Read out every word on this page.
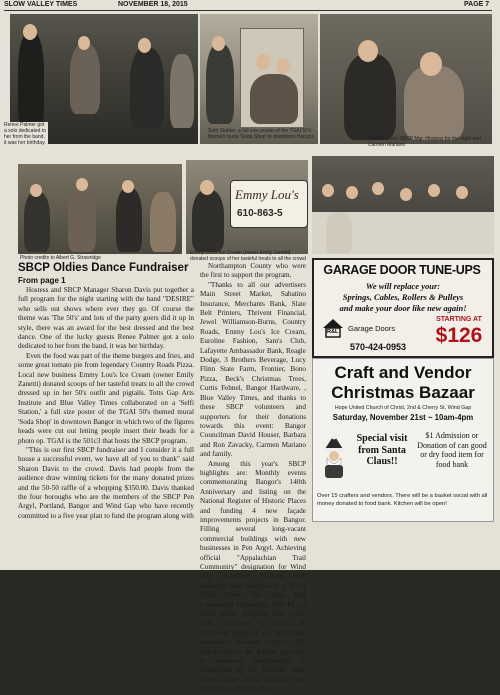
SLOW VALLEY TIMES	NOVEMBER 18, 2015	PAGE 7
Renee Palmer got a solo dedicated to her from the band, it was her birthday.
Seth Stabler, a full size poster of the TGAI 50's themed mural 'Soda Shop' in downtown Bangor.	Sharon Davis SBCP Mgr. Hostess for the night and Carmen Mariano
Photo credits to Albert G. Strawridge
Emmy Lou's
610-863-5
Emmy Lou's Ice Cream (owner Emily Zanetti) donated scoops of her tasteful treats to all the crowd
SBCP Oldies Dance Fundraiser
From page 1

Hostess and SBCP Manager Sharon Davis put together a full program for the night starting with the band "DESIRE" who sells out shows where ever they go. Of course the theme was 'The 50's' and lots of the party goers did it up in style, there was an award for the best dressed and the best dance. One of the lucky guests Renee Palmer got a solo dedicated to her from the band, it was her birthday.

Even the food was part of the theme burgers and fries, and some great tomato pie from legendary Country Roads Pizza. Local new business Emmy Lou's Ice Cream (owner Emily Zanetti) donated scoops of her tasteful treats to all the crowd dressed up in her 50's outfit and pigtails. Totts Gap Arts Institute and Blue Valley Times collaborated on a 'Selfi Station,' a full size poster of the TGAI 50's themed mural 'Soda Shop' in downtown Bangor in which two of the figures heads were cut out letting people insert their heads for a photo op. TGAI is the 501c3 that hosts the SBCP program.

"This is our first SBCP fundraiser and I consider it a full house a successful event, we have all of you to thank" said Sharon Davis to the crowd. Davis had people from the audience draw winning tickets for the many donated prizes and the 50-50 raffle of a whopping $350.00. Davis thanked the four boroughs who are the members of the SBCP Pen Argyl, Portland, Bangor and Wind Gap who have recently committed to a five year plan to fund the program along with

Northampton County who were the first to support the program.

"Thanks to all our advertisers Main Street Market, Sabatino Insurance, Merchants Bank, Slate Belt Printers, Thrivent Financial, Jewel Williamson-Burns, Country Roads, Emmy Lou's Ice Cream, Euroline Fashion, Sam's Club, Lafayette Ambassador Bank, Reagle Dodge, 3 Brothers Beverage, Lucy Flinn State Farm, Frontier, Bono Pizza, Beck's Christmas Trees, Curtis Fehnel, Bangor Hardware, , Blue Valley Times, and thanks to these SBCP volunteers and supporters for their donations towards this event: Bangor Councilman David Houser, Barbara and Ron Zavacky, Carmen Mariano and family.

Among this year's SBCP highlights are: Monthly events commemorating Bangor's 140th Anniversary and listing on the National Register of Historic Places and funding 4 new façade improvements projects in Bangor. Filling several long-vacant commercial buildings with new businesses in Pen Argyl. Achieving official "Appalachian Trail Community" designation for Wind Gap. Assisting Portland with realizing their potential as a River Front Town. The Slate Belt Community Partnership (SBCP) is a Main Street Program that works with volunteers to foster an improved image of our traditional downtown business districts. The SBCP follows the 4-point approach to downtown revitalization as established by the National Main Street Center of the National Trust for Historic Preservation.

GARAGE DOOR TUNE-UPS
We will replace your:
Springs, Cables, Rollers & Pulleys
and make your door like new again!
R&L Garage Doors
570-424-0953
STARTING AT
$126
Craft and Vendor
Christmas Bazaar
Hope United Church of Christ, 2nd & Cherry St, Wind Gap
Saturday, November 21st ~ 10am-4pm
Special visit from Santa Claus!!
$1 Admission or Donation of can good or dry food item for food bank
Over 15 crafters and vendors. There will be a basket social with all money donated to food bank. Kitchen will be open!
